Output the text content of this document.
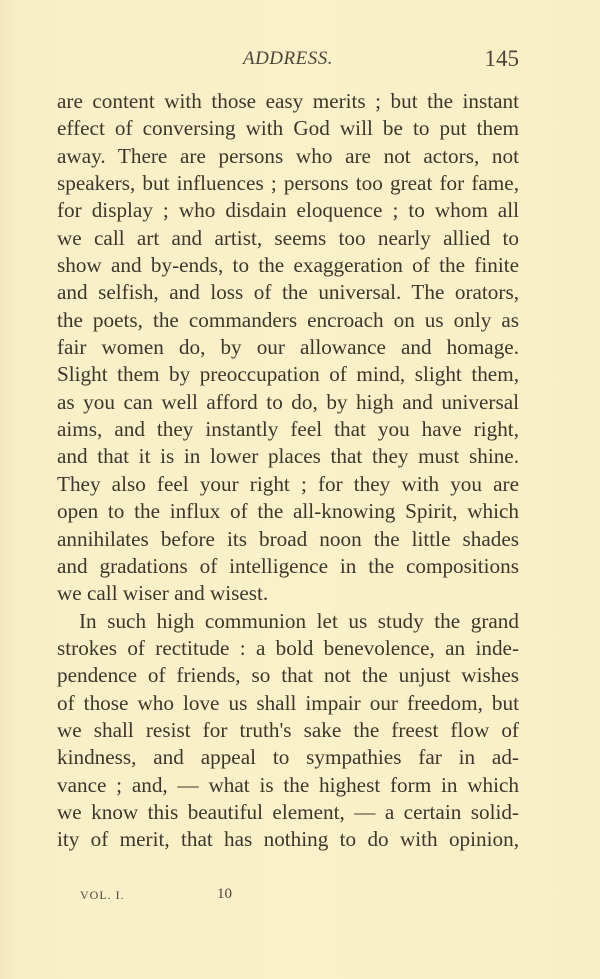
ADDRESS.	145
are content with those easy merits ; but the instant
effect of conversing with God will be to put them
away. There are persons who are not actors, not
speakers, but influences ; persons too great for fame,
for display ; who disdain eloquence ; to whom all
we call art and artist, seems too nearly allied to
show and by-ends, to the exaggeration of the finite
and selfish, and loss of the universal. The orators,
the poets, the commanders encroach on us only as
fair women do, by our allowance and homage.
Slight them by preoccupation of mind, slight them,
as you can well afford to do, by high and universal
aims, and they instantly feel that you have right,
and that it is in lower places that they must shine.
They also feel your right ; for they with you are
open to the influx of the all-knowing Spirit, which
annihilates before its broad noon the little shades
and gradations of intelligence in the compositions
we call wiser and wisest.
In such high communion let us study the grand
strokes of rectitude : a bold benevolence, an inde-
pendence of friends, so that not the unjust wishes
of those who love us shall impair our freedom, but
we shall resist for truth's sake the freest flow of
kindness, and appeal to sympathies far in ad-
vance ; and, — what is the highest form in which
we know this beautiful element, — a certain solid-
ity of merit, that has nothing to do with opinion,
VOL. I.	10
